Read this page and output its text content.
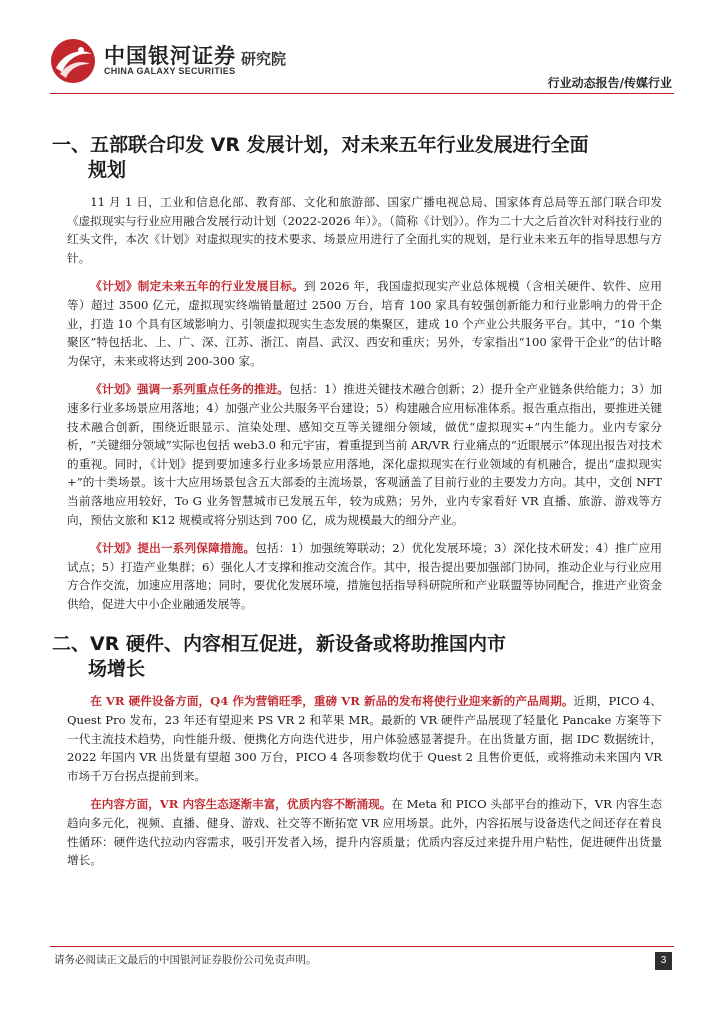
中国银河证券
CHINA GALAXY SECURITIES
研究院
行业动态报告/传媒行业
一、五部联合印发 VR 发展计划，对未来五年行业发展进行全面规划

11 月 1 日，工业和信息化部、教育部、文化和旅游部、国家广播电视总局、国家体育总局等五部门联合印发《虚拟现实与行业应用融合发展行动计划（2022-2026 年）》。（简称《计划》）。作为二十大之后首次针对科技行业的红头文件，本次《计划》对虚拟现实的技术要求、场景应用进行了全面扎实的规划，是行业未来五年的指导思想与方针。

《计划》制定未来五年的行业发展目标。到 2026 年，我国虚拟现实产业总体规模（含相关硬件、软件、应用等）超过 3500 亿元，虚拟现实终端销量超过 2500 万台，培育 100 家具有较强创新能力和行业影响力的骨干企业，打造 10 个具有区域影响力、引领虚拟现实生态发展的集聚区，建成 10 个产业公共服务平台。其中，“10 个集聚区”特包括北、上、广、深、江苏、浙江、南昌、武汉、西安和重庆；另外，专家指出“100 家骨干企业”的估计略为保守，未来或将达到 200-300 家。

《计划》强调一系列重点任务的推进。包括：1）推进关键技术融合创新；2）提升全产业链条供给能力；3）加速多行业多场景应用落地；4）加强产业公共服务平台建设；5）构建融合应用标准体系。报告重点指出，要推进关键技术融合创新，围绕近眼显示、渲染处理、感知交互等关键细分领域，做优“虚拟现实+”内生能力。业内专家分析，“关键细分领域”实际也包括 web3.0 和元宇宙，着重提到当前 AR/VR 行业痛点的“近眼展示”体现出报告对技术的重视。同时，《计划》提到要加速多行业多场景应用落地，深化虚拟现实在行业领域的有机融合，提出“虚拟现实+”的十类场景。该十大应用场景包含五大部委的主流场景，客观涵盖了目前行业的主要发力方向。其中，文创 NFT 当前落地应用较好，To G 业务智慧城市已发展五年，较为成熟；另外，业内专家看好 VR 直播、旅游、游戏等方向，预估文旅和 K12 规模或将分别达到 700 亿，成为规模最大的细分产业。

《计划》提出一系列保障措施。包括：1）加强统筹联动；2）优化发展环境；3）深化技术研发；4）推广应用试点；5）打造产业集群；6）强化人才支撑和推动交流合作。其中，报告提出要加强部门协同，推动企业与行业应用方合作交流，加速应用落地；同时，要优化发展环境，措施包括指导科研院所和产业联盟等协同配合，推进产业资金供给，促进大中小企业融通发展等。

二、VR 硬件、内容相互促进，新设备或将助推国内市场增长

在 VR 硬件设备方面，Q4 作为营销旺季，重磅 VR 新品的发布将使行业迎来新的产品周期。近期，PICO 4、Quest Pro 发布，23 年还有望迎来 PS VR 2 和苹果 MR。最新的 VR 硬件产品展现了轻量化 Pancake 方案等下一代主流技术趋势，向性能升级、便携化方向迭代进步，用户体验感显著提升。在出货量方面，据 IDC 数据统计，2022 年国内 VR 出货量有望超 300 万台，PICO 4 各项参数均优于 Quest 2 且售价更低，或将推动未来国内 VR 市场千万台拐点提前到来。

在内容方面，VR 内容生态逐渐丰富，优质内容不断涌现。在 Meta 和 PICO 头部平台的推动下，VR 内容生态趋向多元化，视频、直播、健身、游戏、社交等不断拓宽 VR 应用场景。此外，内容拓展与设备迭代之间还存在着良性循环：硬件迭代拉动内容需求，吸引开发者入场，提升内容质量；优质内容反过来提升用户粘性，促进硬件出货量增长。

请务必阅读正文最后的中国银河证券股份公司免责声明。	3
